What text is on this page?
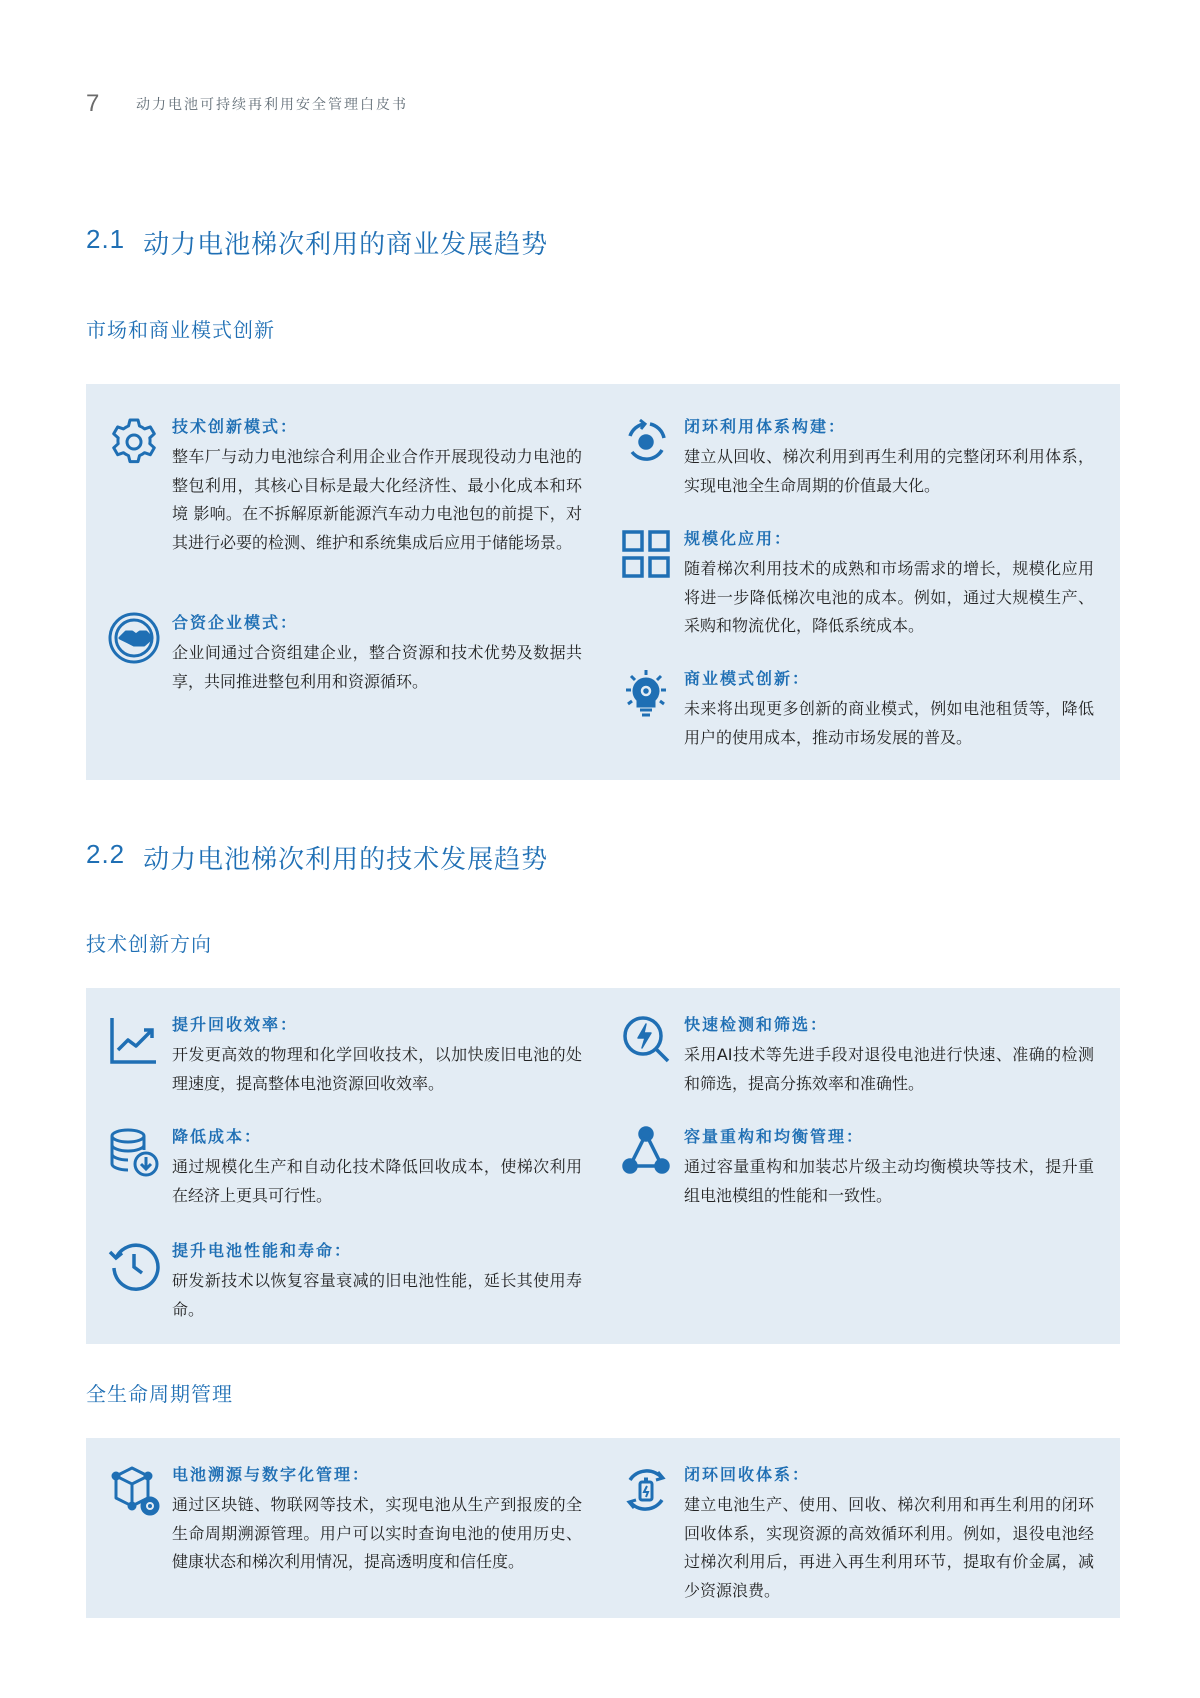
7	动力电池可持续再利用安全管理白皮书
2.1 动力电池梯次利用的商业发展趋势
市场和商业模式创新
技术创新模式：
整车厂与动力电池综合利用企业合作开展现役动力电池的整包利用，其核心目标是最大化经济性、最小化成本和环境 影响。在不拆解原新能源汽车动力电池包的前提下，对其进行必要的检测、维护和系统集成后应用于储能场景。
合资企业模式：
企业间通过合资组建企业，整合资源和技术优势及数据共享，共同推进整包利用和资源循环。
闭环利用体系构建：
建立从回收、梯次利用到再生利用的完整闭环利用体系，实现电池全生命周期的价值最大化。
规模化应用：
随着梯次利用技术的成熟和市场需求的增长，规模化应用将进一步降低梯次电池的成本。例如，通过大规模生产、采购和物流优化，降低系统成本。
商业模式创新：
未来将出现更多创新的商业模式，例如电池租赁等，降低用户的使用成本，推动市场发展的普及。
2.2 动力电池梯次利用的技术发展趋势
技术创新方向
提升回收效率：
开发更高效的物理和化学回收技术，以加快废旧电池的处理速度，提高整体电池资源回收效率。
降低成本：
通过规模化生产和自动化技术降低回收成本，使梯次利用在经济上更具可行性。
提升电池性能和寿命：
研发新技术以恢复容量衰减的旧电池性能，延长其使用寿命。
快速检测和筛选：
采用AI技术等先进手段对退役电池进行快速、准确的检测和筛选，提高分拣效率和准确性。
容量重构和均衡管理：
通过容量重构和加装芯片级主动均衡模块等技术，提升重组电池模组的性能和一致性。
全生命周期管理
电池溯源与数字化管理：
通过区块链、物联网等技术，实现电池从生产到报废的全生命周期溯源管理。用户可以实时查询电池的使用历史、健康状态和梯次利用情况，提高透明度和信任度。
闭环回收体系：
建立电池生产、使用、回收、梯次利用和再生利用的闭环回收体系，实现资源的高效循环利用。例如，退役电池经过梯次利用后，再进入再生利用环节，提取有价金属，减少资源浪费。
